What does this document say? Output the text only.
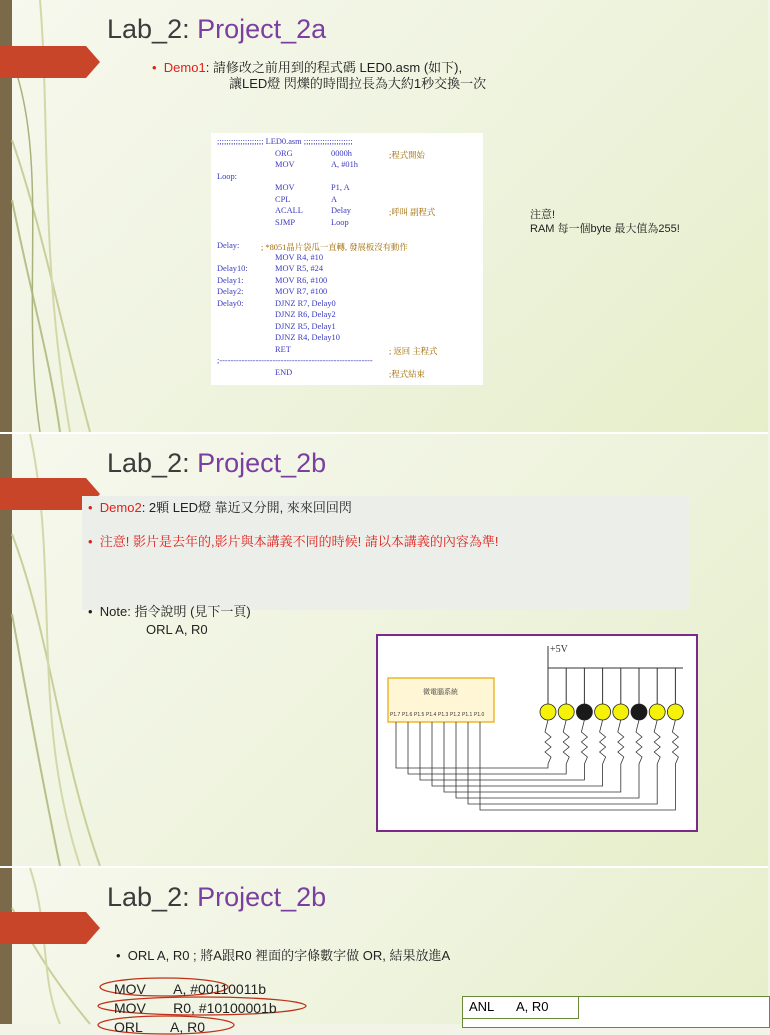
Lab_2: Project_2a
•  Demo1: 請修改之前用到的程式碼 LED0.asm (如下),
讓LED燈 閃爍的時間拉長為大約1秒交換一次
;;;;;;;;;;;;;;;;;;;; LED0.asm ;;;;;;;;;;;;;;;;;;;;;
ORG	0000h	;程式開始
MOV	A, #01h
Loop:
MOV	P1, A
CPL	A
ACALL	Delay	;呼叫 副程式
SJMP	Loop
Delay:	; *8051晶片袋瓜一直轉, 發展板沒有動作
MOV R4, #10
Delay10:	MOV R5, #24
Delay1:	MOV R6, #100
Delay2:	MOV R7, #100
Delay0:	DJNZ R7, Delay0
DJNZ R6, Delay2
DJNZ R5, Delay1
DJNZ R4, Delay10
RET	; 返回 主程式
;-------------------------------------------------------
END	;程式結束
注意!
RAM 每一個byte 最大值為255!
Lab_2: Project_2b
•  Demo2: 2顆 LED燈 靠近又分開, 來來回回閃
•  注意! 影片是去年的,影片與本講義不同的時候! 請以本講義的內容為準!
•  Note: 指令說明 (見下一頁)
ORL A, R0
+5V
微電腦系統
P1.7 P1.6 P1.5 P1.4 P1.3 P1.2 P1.1 P1.0
Lab_2: Project_2b
•  ORL A, R0 ; 將A跟R0 裡面的字條數字做 OR, 結果放進A
MOV A, #00110011b
MOV R0, #10100001b
ORL A, R0
ANL A, R0
